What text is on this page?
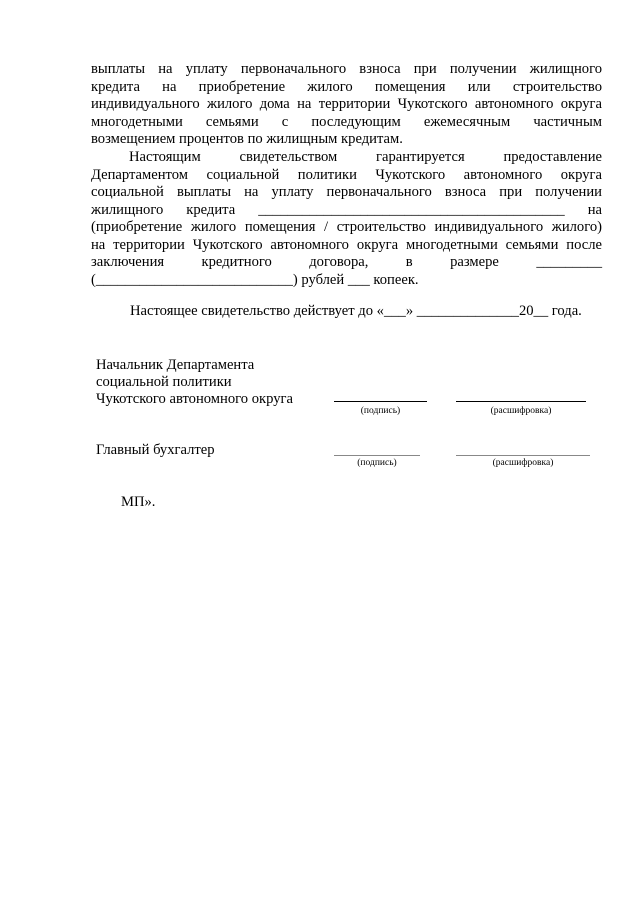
выплаты на уплату первоначального взноса при получении жилищного
кредита на приобретение жилого помещения или строительство
индивидуального жилого дома на территории Чукотского автономного округа
многодетными семьями с последующим ежемесячным частичным
возмещением процентов по жилищным кредитам.
Настоящим свидетельством гарантируется предоставление
Департаментом социальной политики Чукотского автономного округа
социальной выплаты на уплату первоначального взноса при получении
жилищного кредита __________________________________________ на
(приобретение жилого помещения / строительство индивидуального жилого)
на территории Чукотского автономного округа многодетными семьями после
заключения кредитного договора, в размере _________
(___________________________) рублей ___ копеек.
Настоящее свидетельство действует до «___» ______________20__ года.
Начальник Департамента
социальной политики
Чукотского автономного округа
(подпись)	(расшифровка)
Главный бухгалтер
(подпись)	(расшифровка)
МП».
